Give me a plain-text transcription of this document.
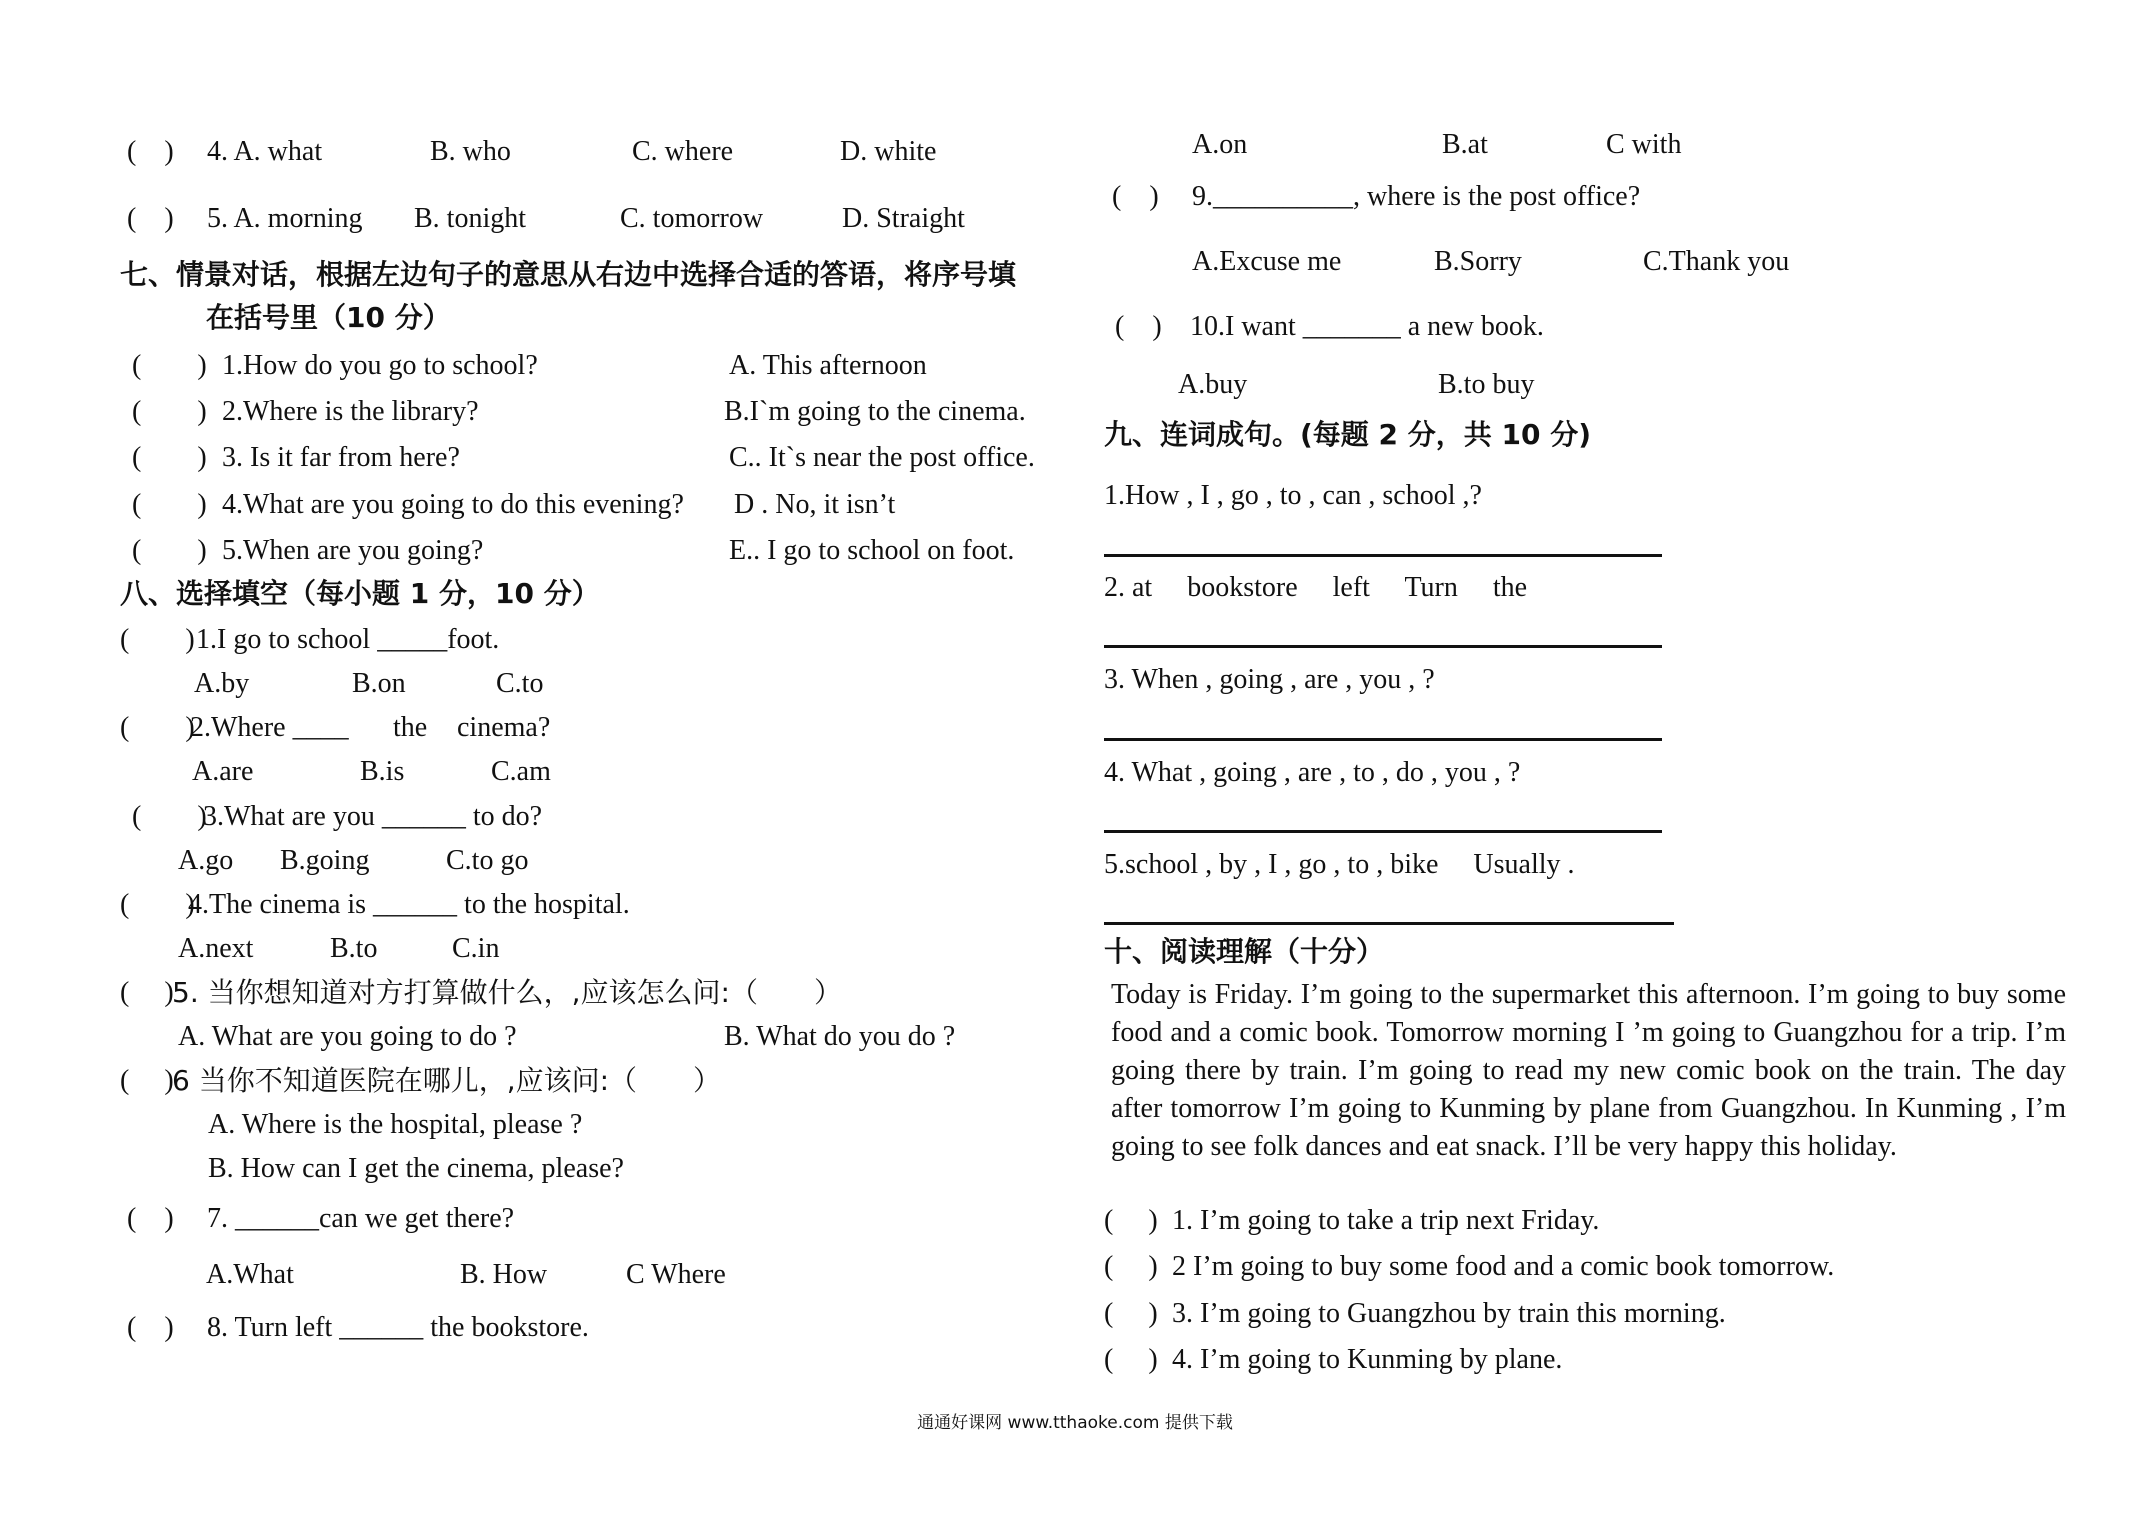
(　) 4. A. what	B. who	C. where	D. white
(　) 5. A. morning B. tonight	C. tomorrow	D. Straight
七、情景对话，根据左边句子的意思从右边中选择合适的答语，将序号填
在括号里（10 分）
(　　) 1.How do you go to school?	A. This afternoon
(　　) 2.Where is the library?	B.I`m going to the cinema.
(　　) 3. Is it far from here?	C.. It`s near the post office.
(　　) 4.What are you going to do this evening? D . No, it isn’t
(　　) 5.When are you going?	E.. I go to school on foot.
八、选择填空（每小题 1 分，10 分）
(　　) 1.I go to school _____foot.
A.by	B.on	C.to
(　　)
2.Where ____ the cinema?
A.are	B.is	C.am
(　　)
3.What are you ______ to do?
A.go B.going	C.to go
(　　)
4.The cinema is ______ to the hospital.
A.next	B.to	C.in
(　 )
5. 当你想知道对方打算做什么，,应该怎么问:（　　）
A. What are you going to do ?	B. What do you do ?
(　 )
6 当你不知道医院在哪儿，,应该问:（　　）
A. Where is the hospital, please ?
B. How can I get the cinema, please?
(　) 7. ______can we get there?
A.What	B. How	C Where
(　) 8. Turn left ______ the bookstore.
A.on	B.at	C with
(　) 9.__________, where is the post office?
A.Excuse me	B.Sorry	C.Thank you
(　) 10.I want _______ a new book.
A.buy	B.to buy
九、连词成句。(每题 2 分，共 10 分)
1.How , I , go , to , can , school ,?
2. at　 bookstore　 left　 Turn　 the
3. When , going , are , you , ?
4. What , going , are , to , do , you , ?
5.school , by , I , go , to , bike　 Usually .
十、阅读理解（十分）
Today is Friday. I’m going to the supermarket this afternoon. I’m going to buy some food and a comic book. Tomorrow morning I ’m going to Guangzhou for a trip. I’m going there by train. I’m going to read my new comic book on the train. The day after tomorrow I’m going to Kunming by plane from Guangzhou. In Kunming , I’m going to see folk dances and eat snack. I’ll be very happy this holiday.
(　 ) 1. I’m going to take a trip next Friday.
(　 ) 2 I’m going to buy some food and a comic book tomorrow.
(　 ) 3. I’m going to Guangzhou by train this morning.
(　 ) 4. I’m going to Kunming by plane.
通通好课网 www.tthaoke.com 提供下载
